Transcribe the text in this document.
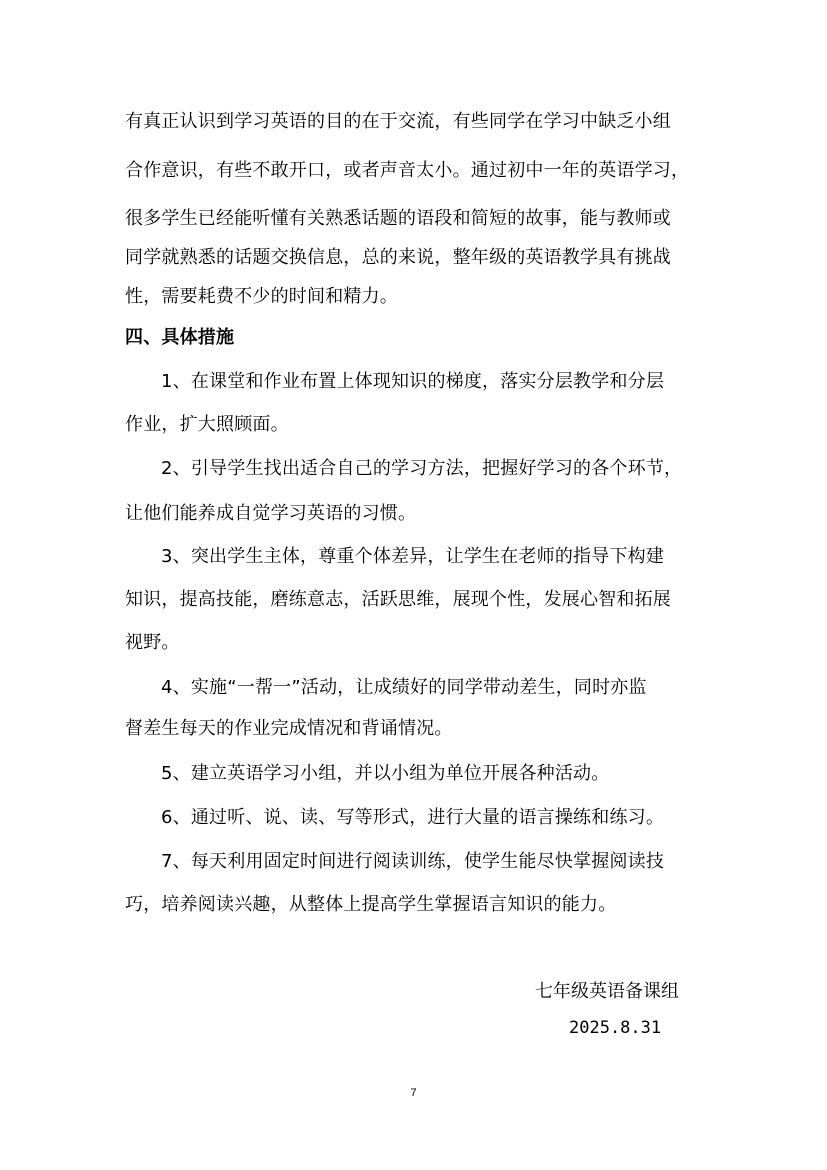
有真正认识到学习英语的目的在于交流，有些同学在学习中缺乏小组
合作意识，有些不敢开口，或者声音太小。通过初中一年的英语学习，
很多学生已经能听懂有关熟悉话题的语段和简短的故事，能与教师或
同学就熟悉的话题交换信息，总的来说，整年级的英语教学具有挑战
性，需要耗费不少的时间和精力。
四、具体措施
1、在课堂和作业布置上体现知识的梯度，落实分层教学和分层
作业，扩大照顾面。
2、引导学生找出适合自己的学习方法，把握好学习的各个环节，
让他们能养成自觉学习英语的习惯。
3、突出学生主体，尊重个体差异，让学生在老师的指导下构建
知识，提高技能，磨练意志，活跃思维，展现个性，发展心智和拓展
视野。
4、实施“一帮一”活动，让成绩好的同学带动差生，同时亦监
督差生每天的作业完成情况和背诵情况。
5、建立英语学习小组，并以小组为单位开展各种活动。
6、通过听、说、读、写等形式，进行大量的语言操练和练习。
7、每天利用固定时间进行阅读训练，使学生能尽快掌握阅读技
巧，培养阅读兴趣，从整体上提高学生掌握语言知识的能力。
七年级英语备课组
2025.8.31
7
